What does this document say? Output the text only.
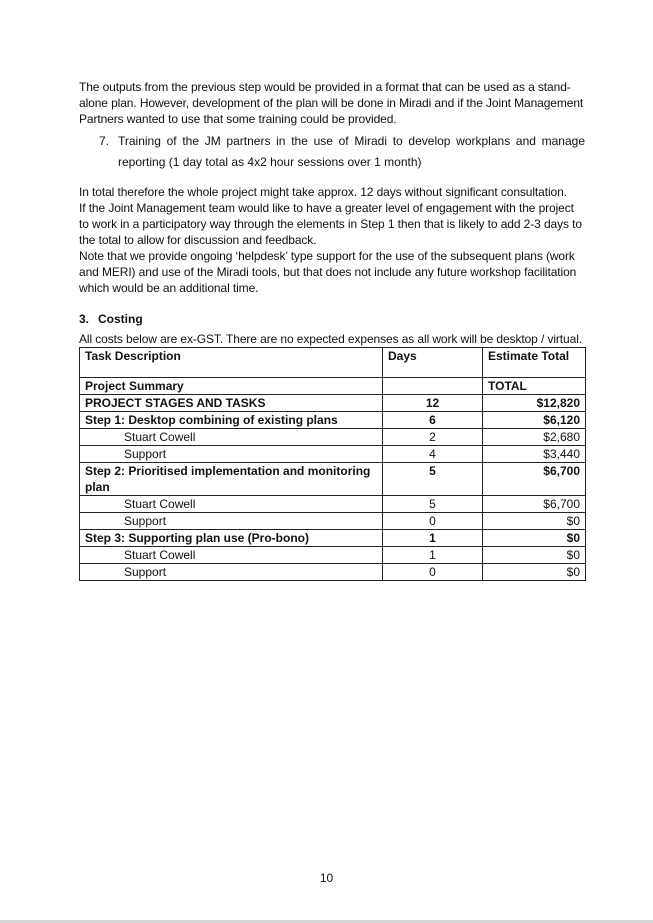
The outputs from the previous step would be provided in a format that can be used as a stand-alone plan. However, development of the plan will be done in Miradi and if the Joint Management Partners wanted to use that some training could be provided.

7. Training of the JM partners in the use of Miradi to develop workplans and manage reporting (1 day total as 4x2 hour sessions over 1 month)

In total therefore the whole project might take approx. 12 days without significant consultation.

If the Joint Management team would like to have a greater level of engagement with the project to work in a participatory way through the elements in Step 1 then that is likely to add 2-3 days to the total to allow for discussion and feedback.

Note that we provide ongoing ‘helpdesk’ type support for the use of the subsequent plans (work and MERI) and use of the Miradi tools, but that does not include any future workshop facilitation which would be an additional time.

3. Costing

All costs below are ex-GST. There are no expected expenses as all work will be desktop / virtual.

Task Description	Days	Estimate Total
Project Summary		TOTAL
PROJECT STAGES AND TASKS	12	$12,820
Step 1: Desktop combining of existing plans	6	$6,120
Stuart Cowell	2	$2,680
Support	4	$3,440
Step 2: Prioritised implementation and monitoring plan	5	$6,700
Stuart Cowell	5	$6,700
Support	0	$0
Step 3: Supporting plan use (Pro-bono)	1	$0
Stuart Cowell	1	$0
Support	0	$0
10
